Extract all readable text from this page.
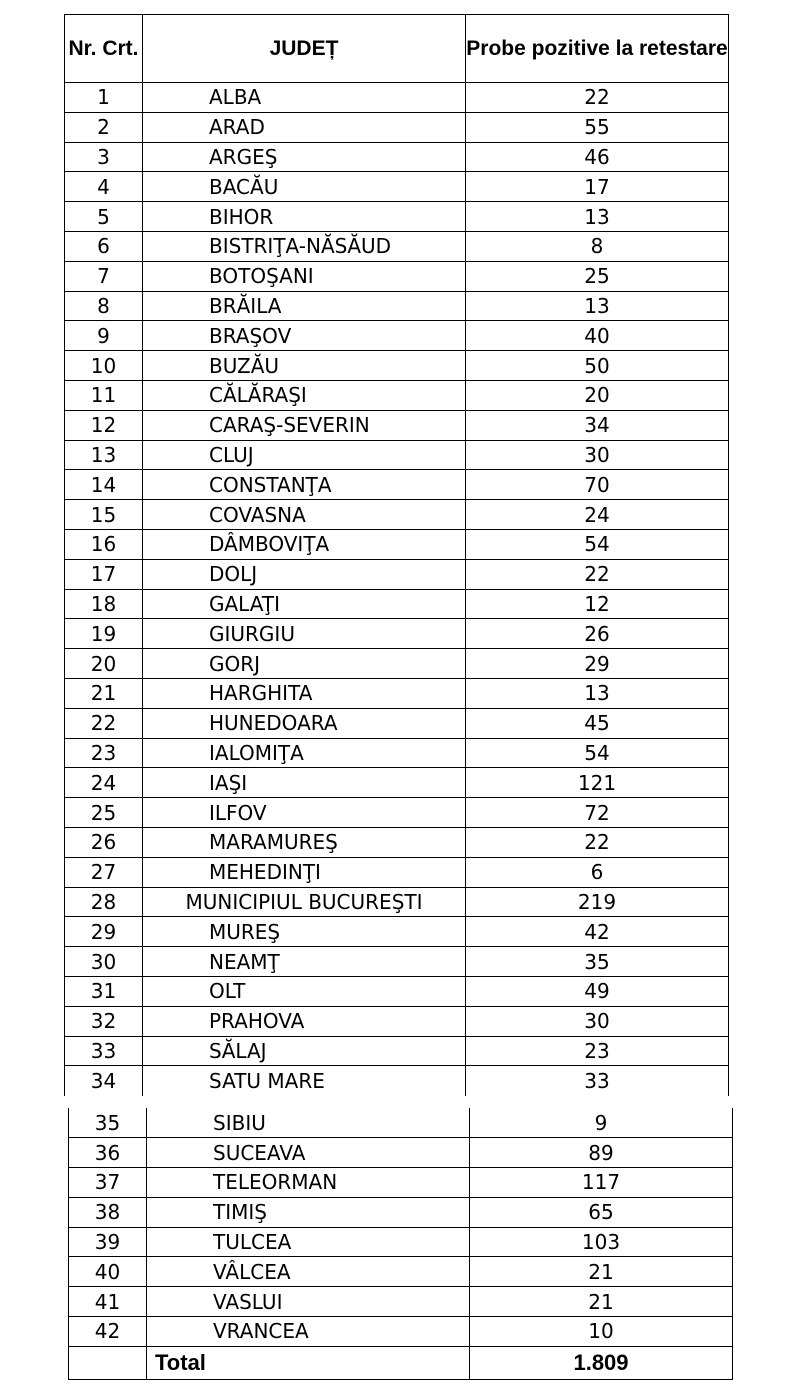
Nr. Crt.	JUDEȚ	Probe pozitive la retestare
1	ALBA	22
2	ARAD	55
3	ARGEŞ	46
4	BACĂU	17
5	BIHOR	13
6	BISTRIŢA-NĂSĂUD	8
7	BOTOŞANI	25
8	BRĂILA	13
9	BRAŞOV	40
10	BUZĂU	50
11	CĂLĂRAŞI	20
12	CARAŞ-SEVERIN	34
13	CLUJ	30
14	CONSTANŢA	70
15	COVASNA	24
16	DÂMBOVIŢA	54
17	DOLJ	22
18	GALAŢI	12
19	GIURGIU	26
20	GORJ	29
21	HARGHITA	13
22	HUNEDOARA	45
23	IALOMIŢA	54
24	IAŞI	121
25	ILFOV	72
26	MARAMUREŞ	22
27	MEHEDINŢI	6
28	MUNICIPIUL BUCUREŞTI	219
29	MUREŞ	42
30	NEAMŢ	35
31	OLT	49
32	PRAHOVA	30
33	SĂLAJ	23
34	SATU MARE	33
35	SIBIU	9
36	SUCEAVA	89
37	TELEORMAN	117
38	TIMIŞ	65
39	TULCEA	103
40	VÂLCEA	21
41	VASLUI	21
42	VRANCEA	10
	Total	1.809
